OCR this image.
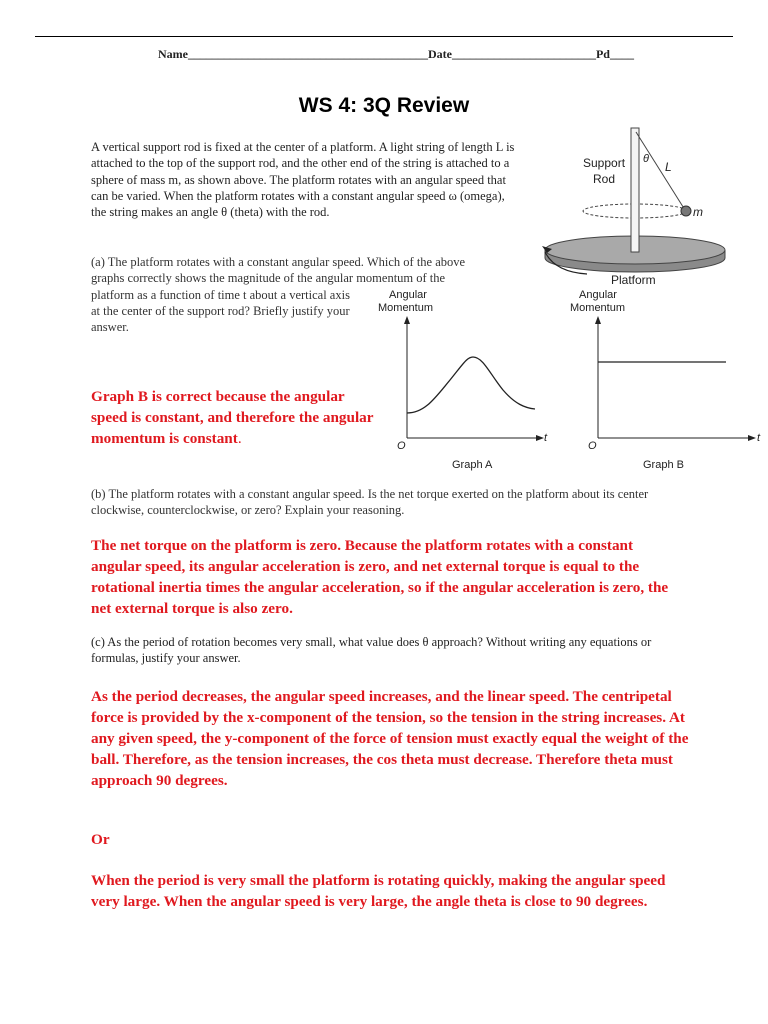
Name________________________________________Date________________________Pd____
WS 4: 3Q Review
A vertical support rod is fixed at the center of a platform. A light string of length L is attached to the top of the support rod, and the other end of the string is attached to a sphere of mass m, as shown above. The platform rotates with an angular speed that can be varied. When the platform rotates with a constant angular speed ω (omega), the string makes an angle θ (theta) with the rod.
Support
Rod
θ
L
m
Platform
(a) The platform rotates with a constant angular speed. Which of the above
graphs correctly shows the magnitude of the angular momentum of the
platform as a function of time t about a vertical axis at the center of the support rod? Briefly justify your answer.
Angular
Momentum
O
t
Graph A
Angular
Momentum
O
t
Graph B
Graph B is correct because the angular speed is constant, and therefore the angular momentum is constant.
(b) The platform rotates with a constant angular speed. Is the net torque exerted on the platform about its center clockwise, counterclockwise, or zero? Explain your reasoning.
The net torque on the platform is zero. Because the platform rotates with a constant angular speed, its angular acceleration is zero, and net external torque is equal to the rotational inertia times the angular acceleration, so if the angular acceleration is zero, the net external torque is also zero.
(c) As the period of rotation becomes very small, what value does θ approach? Without writing any equations or formulas, justify your answer.
As the period decreases, the angular speed increases, and the linear speed. The centripetal force is provided by the x-component of the tension, so the tension in the string increases. At any given speed, the y-component of the force of tension must exactly equal the weight of the ball. Therefore, as the tension increases, the cos theta must decrease. Therefore theta must approach 90 degrees.
Or
When the period is very small the platform is rotating quickly, making the angular speed very large. When the angular speed is very large, the angle theta is close to 90 degrees.
